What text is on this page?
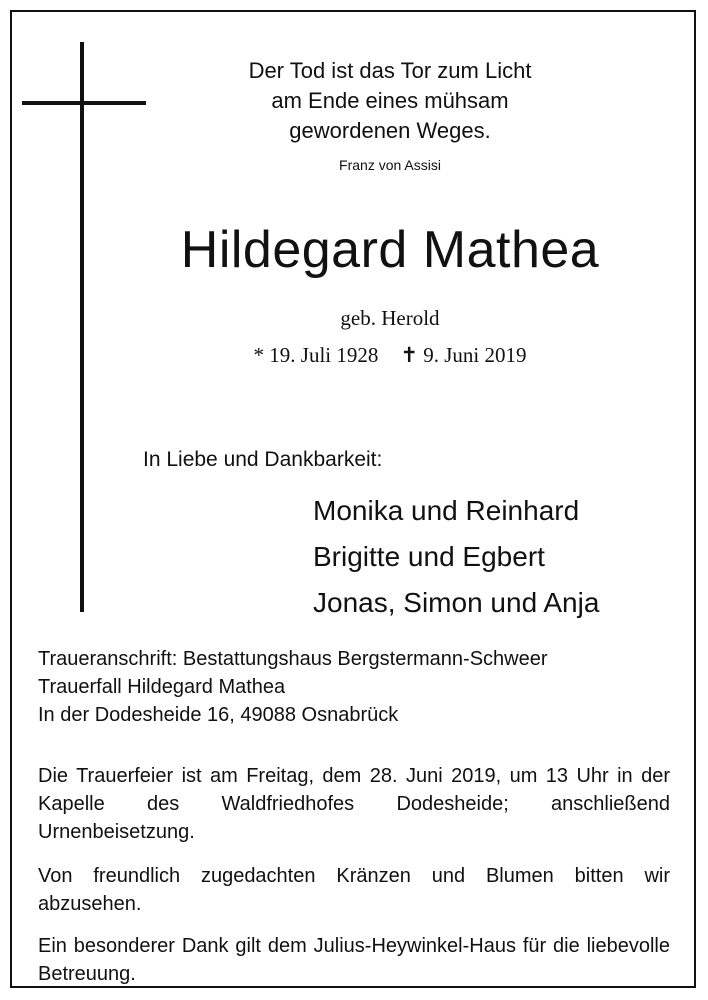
Der Tod ist das Tor zum Licht
am Ende eines mühsam
gewordenen Weges.
Franz von Assisi
Hildegard Mathea
geb. Herold
* 19. Juli 1928 ✝ 9. Juni 2019
In Liebe und Dankbarkeit:
Monika und Reinhard
Brigitte und Egbert
Jonas, Simon und Anja
Traueranschrift: Bestattungshaus Bergstermann-Schweer
Trauerfall Hildegard Mathea
In der Dodesheide 16, 49088 Osnabrück
Die Trauerfeier ist am Freitag, dem 28. Juni 2019, um 13 Uhr in der Kapelle des Waldfriedhofes Dodesheide; anschließend Urnenbeisetzung.
Von freundlich zugedachten Kränzen und Blumen bitten wir abzusehen.
Ein besonderer Dank gilt dem Julius-Heywinkel-Haus für die liebevolle Betreuung.
